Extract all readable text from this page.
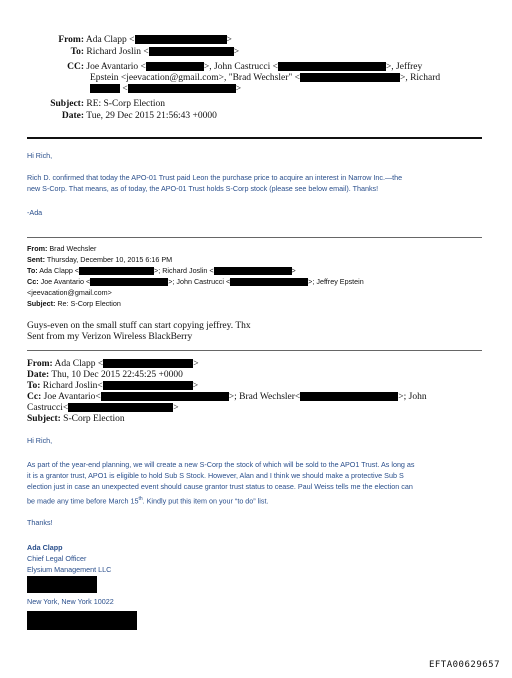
From: Ada Clapp <	>
To: Richard Joslin <	>
CC: Joe Avantario <	>, John Castrucci <	>, Jeffrey
Epstein <jeevacation@gmail.com>, "Brad Wechsler" <	>, Richard
<	>
Subject: RE: S-Corp Election
Date: Tue, 29 Dec 2015 21:56:43 +0000
Hi Rich,
Rich D. confirmed that today the APO-01 Trust paid Leon the purchase price to acquire an interest in Narrow Inc.—the
new S-Corp. That means, as of today, the APO-01 Trust holds S-Corp stock (please see below email). Thanks!
-Ada
From: Brad Wechsler
Sent: Thursday, December 10, 2015 6:16 PM
To: Ada Clapp <	>; Richard Joslin <	>
Cc: Joe Avantario <	>; John Castrucci <	>; Jeffrey Epstein
<jeevacation@gmail.com>
Subject: Re: S-Corp Election
Guys-even on the small stuff can start copying jeffrey. Thx
Sent from my Verizon Wireless BlackBerry
From: Ada Clapp <	>
Date: Thu, 10 Dec 2015 22:45:25 +0000
To: Richard Joslin<	>
Cc: Joe Avantario<	>; Brad Wechsler<	>; John
Castrucci<	>
Subject: S-Corp Election
Hi Rich,
As part of the year-end planning, we will create a new S-Corp the stock of which will be sold to the APO1 Trust. As long as
it is a grantor trust, APO1 is eligible to hold Sub S Stock. However, Alan and I think we should make a protective Sub S
election just in case an unexpected event should cause grantor trust status to cease. Paul Weiss tells me the election can
be made any time before March 15th. Kindly put this item on your “to do” list.
Thanks!
Ada Clapp
Chief Legal Officer
Elysium Management LLC
New York, New York 10022
EFTA00629657
